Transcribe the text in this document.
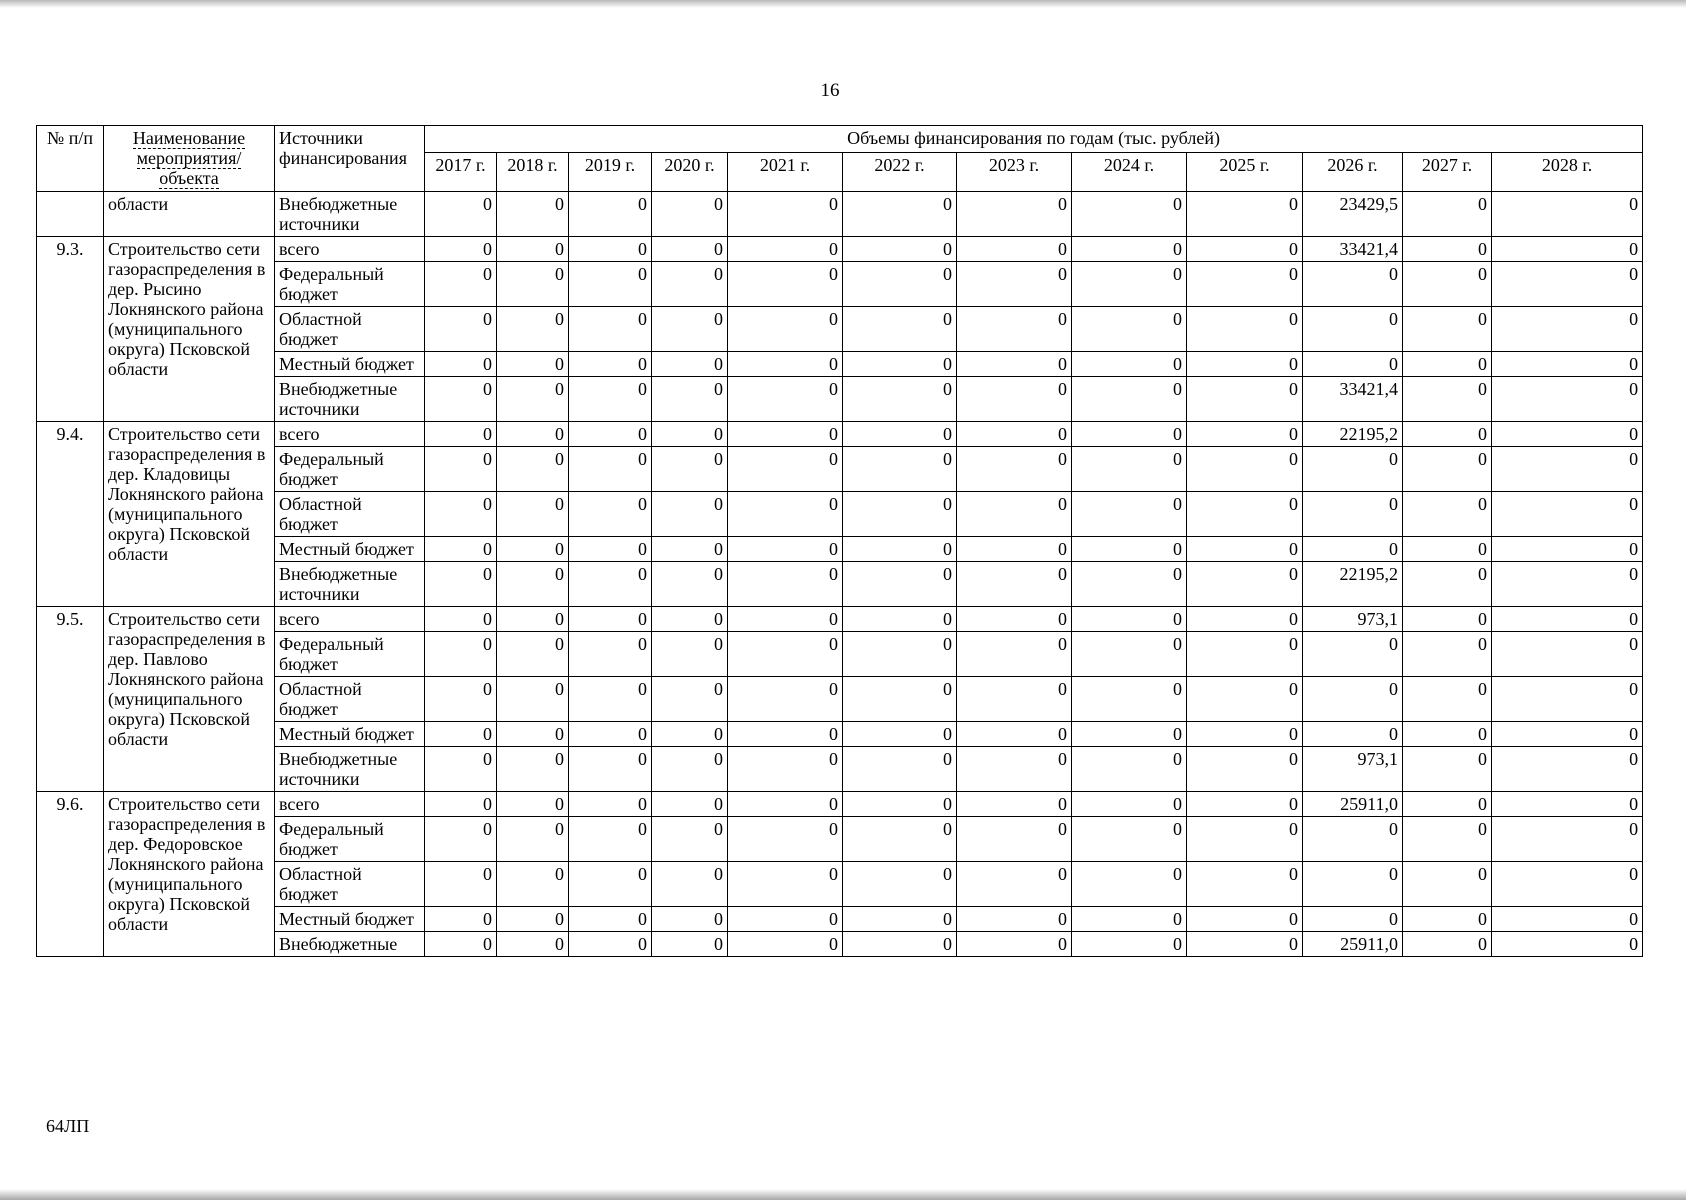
16
№ п/п	Наименование мероприятия/ объекта	Источники финансирования	Объемы финансирования по годам (тыс. рублей)											
			2017 г.	2018 г.	2019 г.	2020 г.	2021 г.	2022 г.	2023 г.	2024 г.	2025 г.	2026 г.	2027 г.	2028 г.
	области	Внебюджетные источники	0	0	0	0	0	0	0	0	0	23429,5	0	0
9.3.	Строительство сети газораспределения в дер. Рысино Локнянского района (муниципального округа) Псковской области	всего	0	0	0	0	0	0	0	0	0	33421,4	0	0
		Федеральный бюджет	0	0	0	0	0	0	0	0	0	0	0	0
		Областной бюджет	0	0	0	0	0	0	0	0	0	0	0	0
		Местный бюджет	0	0	0	0	0	0	0	0	0	0	0	0
		Внебюджетные источники	0	0	0	0	0	0	0	0	0	33421,4	0	0
9.4.	Строительство сети газораспределения в дер. Кладовицы Локнянского района (муниципального округа) Псковской области	всего	0	0	0	0	0	0	0	0	0	22195,2	0	0
		Федеральный бюджет	0	0	0	0	0	0	0	0	0	0	0	0
		Областной бюджет	0	0	0	0	0	0	0	0	0	0	0	0
		Местный бюджет	0	0	0	0	0	0	0	0	0	0	0	0
		Внебюджетные источники	0	0	0	0	0	0	0	0	0	22195,2	0	0
9.5.	Строительство сети газораспределения в дер. Павлово Локнянского района (муниципального округа) Псковской области	всего	0	0	0	0	0	0	0	0	0	973,1	0	0
		Федеральный бюджет	0	0	0	0	0	0	0	0	0	0	0	0
		Областной бюджет	0	0	0	0	0	0	0	0	0	0	0	0
		Местный бюджет	0	0	0	0	0	0	0	0	0	0	0	0
		Внебюджетные источники	0	0	0	0	0	0	0	0	0	973,1	0	0
9.6.	Строительство сети газораспределения в дер. Федоровское Локнянского района (муниципального округа) Псковской области	всего	0	0	0	0	0	0	0	0	0	25911,0	0	0
		Федеральный бюджет	0	0	0	0	0	0	0	0	0	0	0	0
		Областной бюджет	0	0	0	0	0	0	0	0	0	0	0	0
		Местный бюджет	0	0	0	0	0	0	0	0	0	0	0	0
		Внебюджетные	0	0	0	0	0	0	0	0	0	25911,0	0	0
64ЛП
